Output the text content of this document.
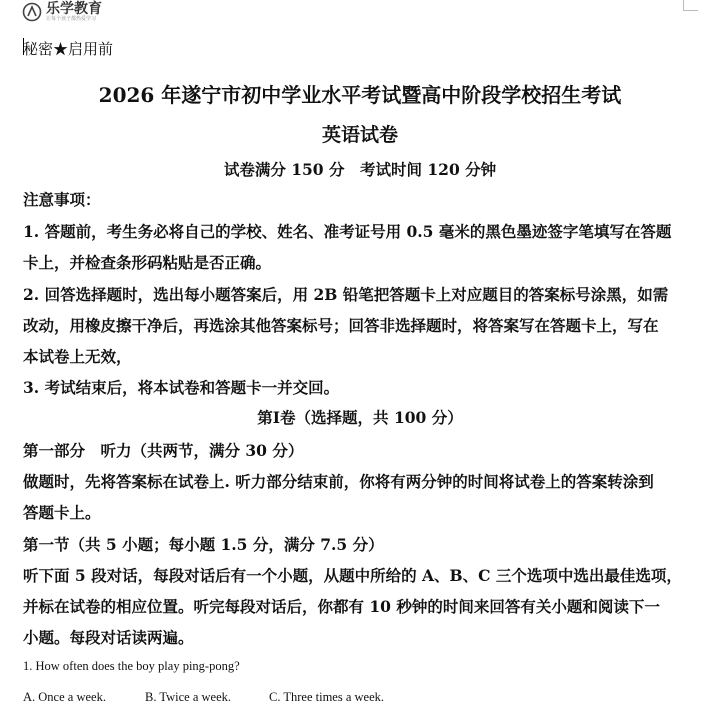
乐学教育
让每个孩子都热爱学习
秘密★启用前
2026 年遂宁市初中学业水平考试暨高中阶段学校招生考试
英语试卷
试卷满分 150 分　考试时间 120 分钟
注意事项：
1. 答题前，考生务必将自己的学校、姓名、准考证号用 0.5 毫米的黑色墨迹签字笔填写在答题
卡上，并检查条形码粘贴是否正确。
2. 回答选择题时，选出每小题答案后，用 2B 铅笔把答题卡上对应题目的答案标号涂黑，如需
改动，用橡皮擦干净后，再选涂其他答案标号；回答非选择题时，将答案写在答题卡上，写在
本试卷上无效，
3. 考试结束后，将本试卷和答题卡一并交回。
第Ⅰ卷（选择题，共 100 分）
第一部分　听力（共两节，满分 30 分）
做题时，先将答案标在试卷上. 听力部分结束前，你将有两分钟的时间将试卷上的答案转涂到
答题卡上。
第一节（共 5 小题；每小题 1.5 分，满分 7.5 分）
听下面 5 段对话，每段对话后有一个小题，从题中所给的 A、B、C 三个选项中选出最佳选项，
并标在试卷的相应位置。听完每段对话后，你都有 10 秒钟的时间来回答有关小题和阅读下一
小题。每段对话读两遍。
1. How often does the boy play ping-pong?
A. Once a week.	B. Twice a week.	C. Three times a week.
